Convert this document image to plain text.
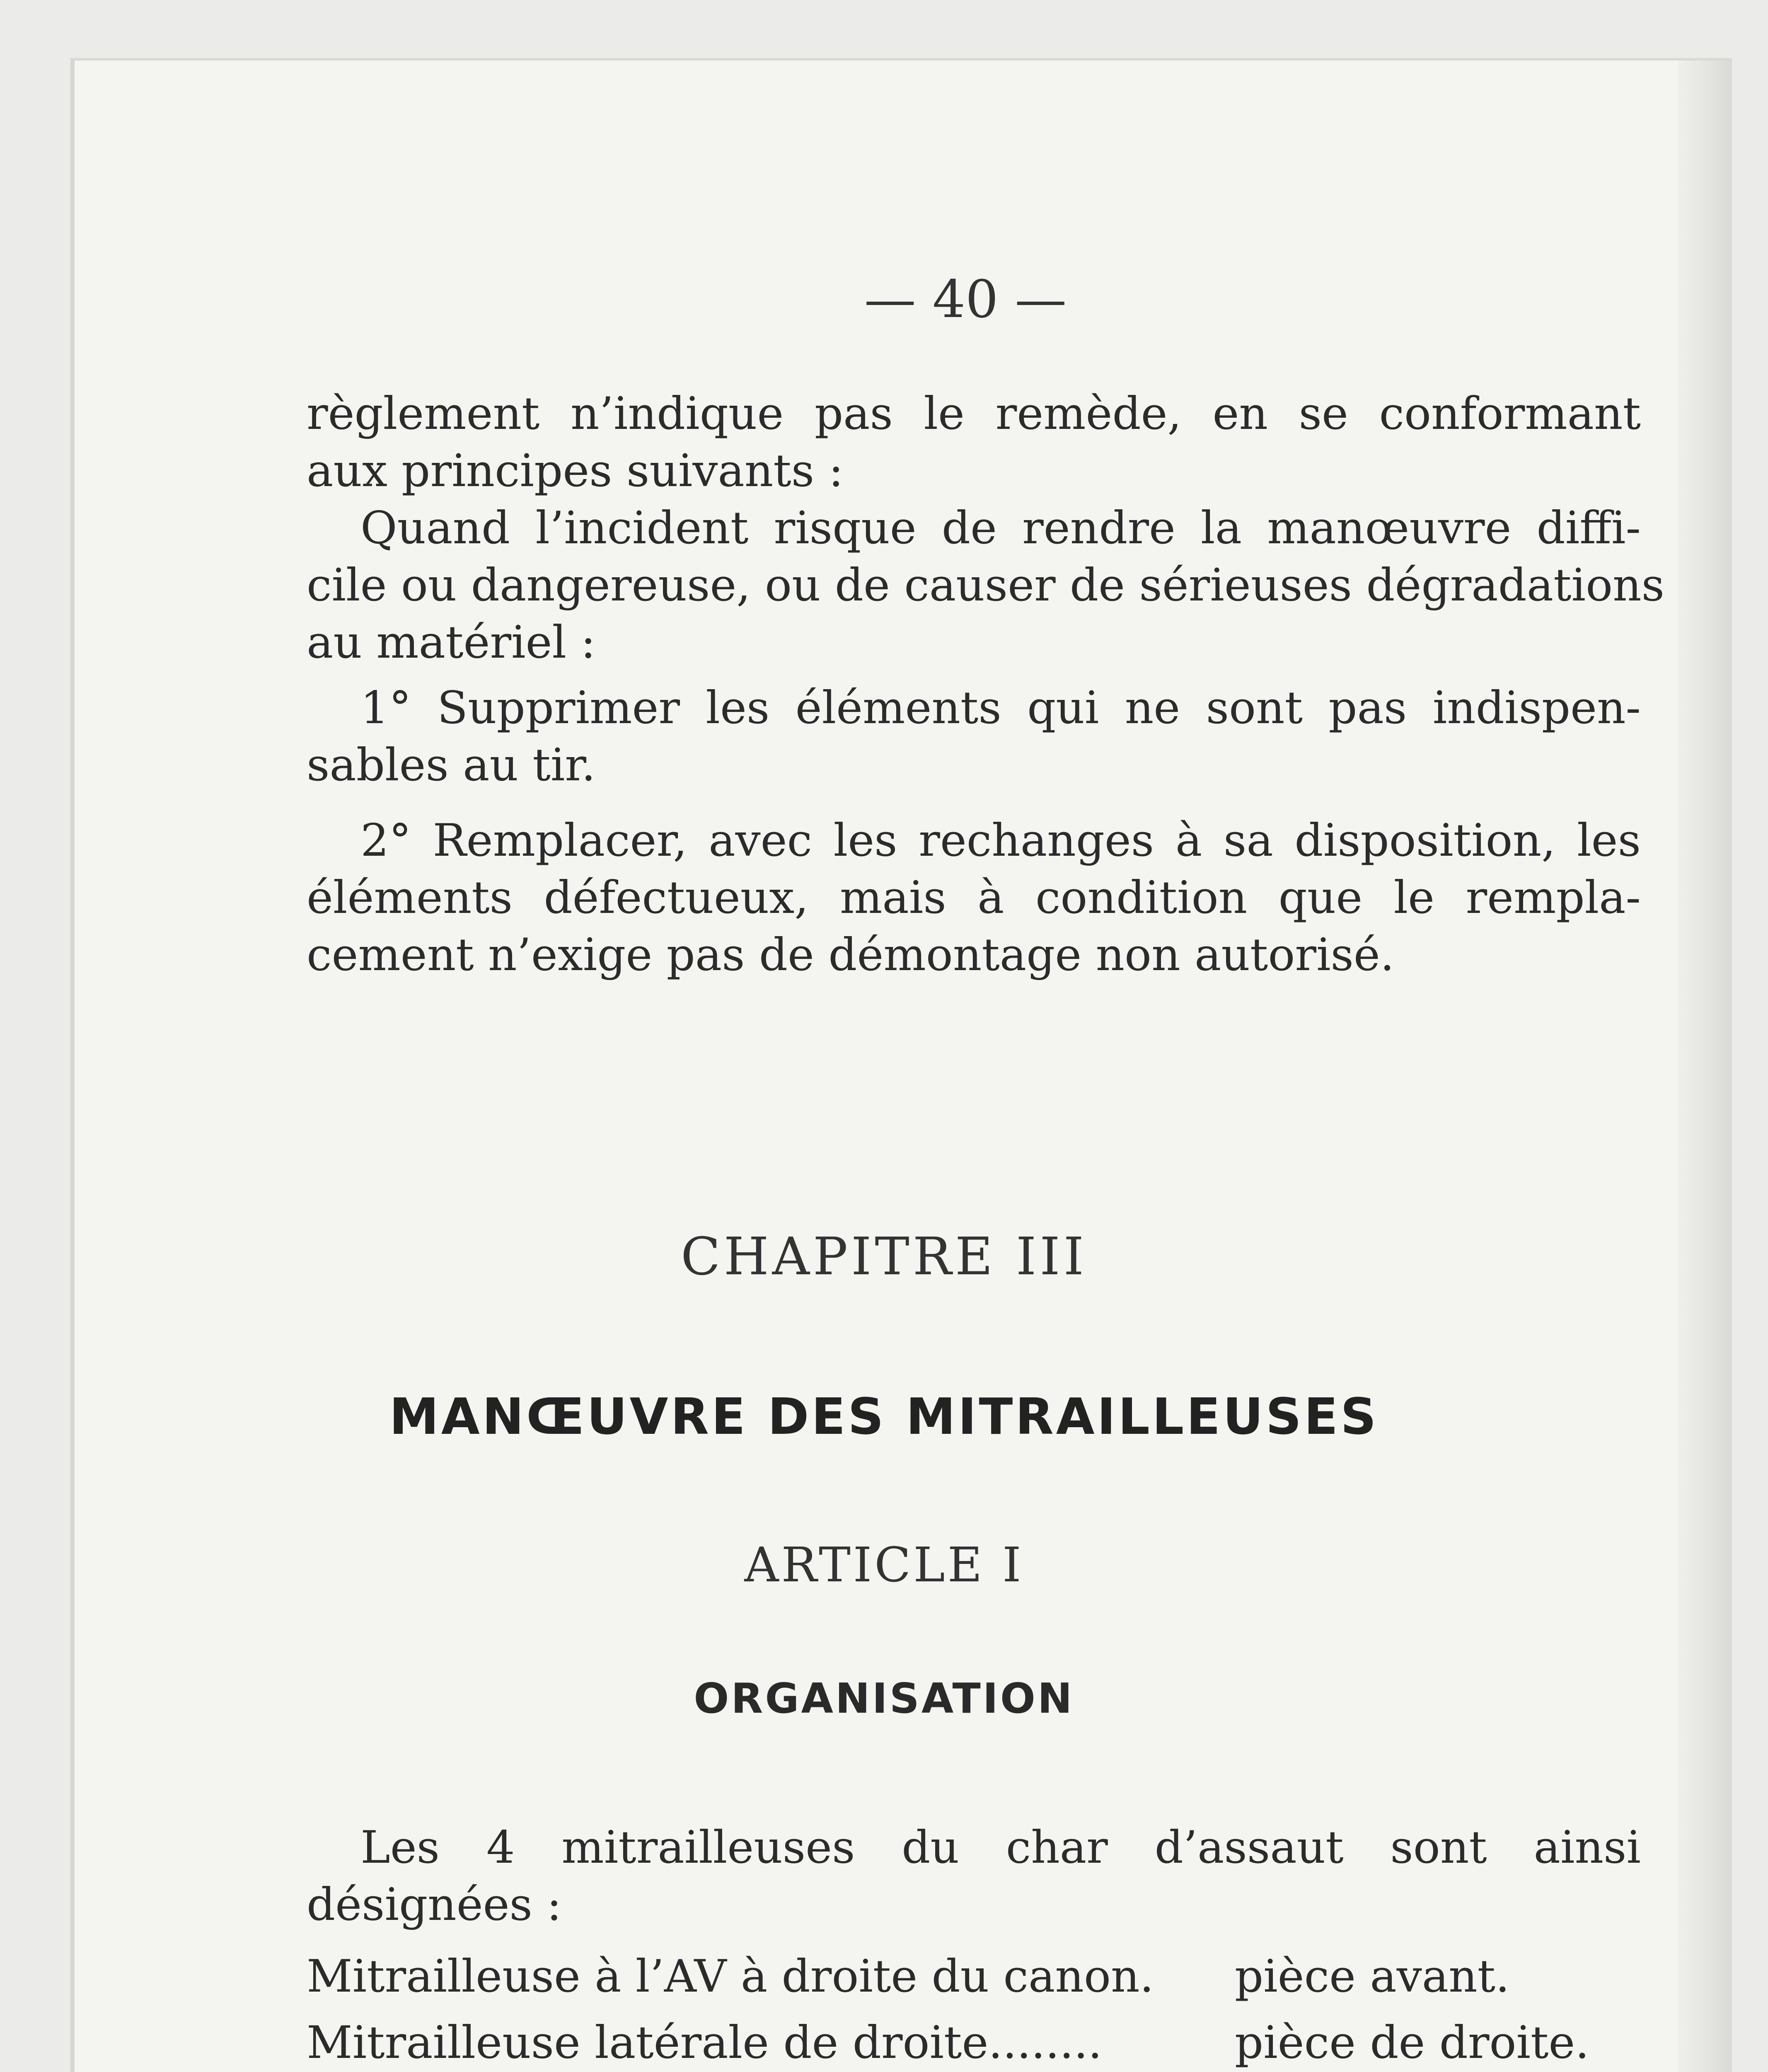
— 40 —
règlement n’indique pas le remède, en se conformant
aux principes suivants :
Quand l’incident risque de rendre la manœuvre diffi-
cile ou dangereuse, ou de causer de sérieuses dégradations
au matériel :
1° Supprimer les éléments qui ne sont pas indispen-
sables au tir.
2° Remplacer, avec les rechanges à sa disposition, les
éléments défectueux, mais à condition que le rempla-
cement n’exige pas de démontage non autorisé.
CHAPITRE III
MANŒUVRE DES MITRAILLEUSES
ARTICLE I
ORGANISATION
Les 4 mitrailleuses du char d’assaut sont ainsi
désignées :
Mitrailleuse à l’AV à droite du canon.	pièce avant.
Mitrailleuse latérale de droite........	pièce de droite.
